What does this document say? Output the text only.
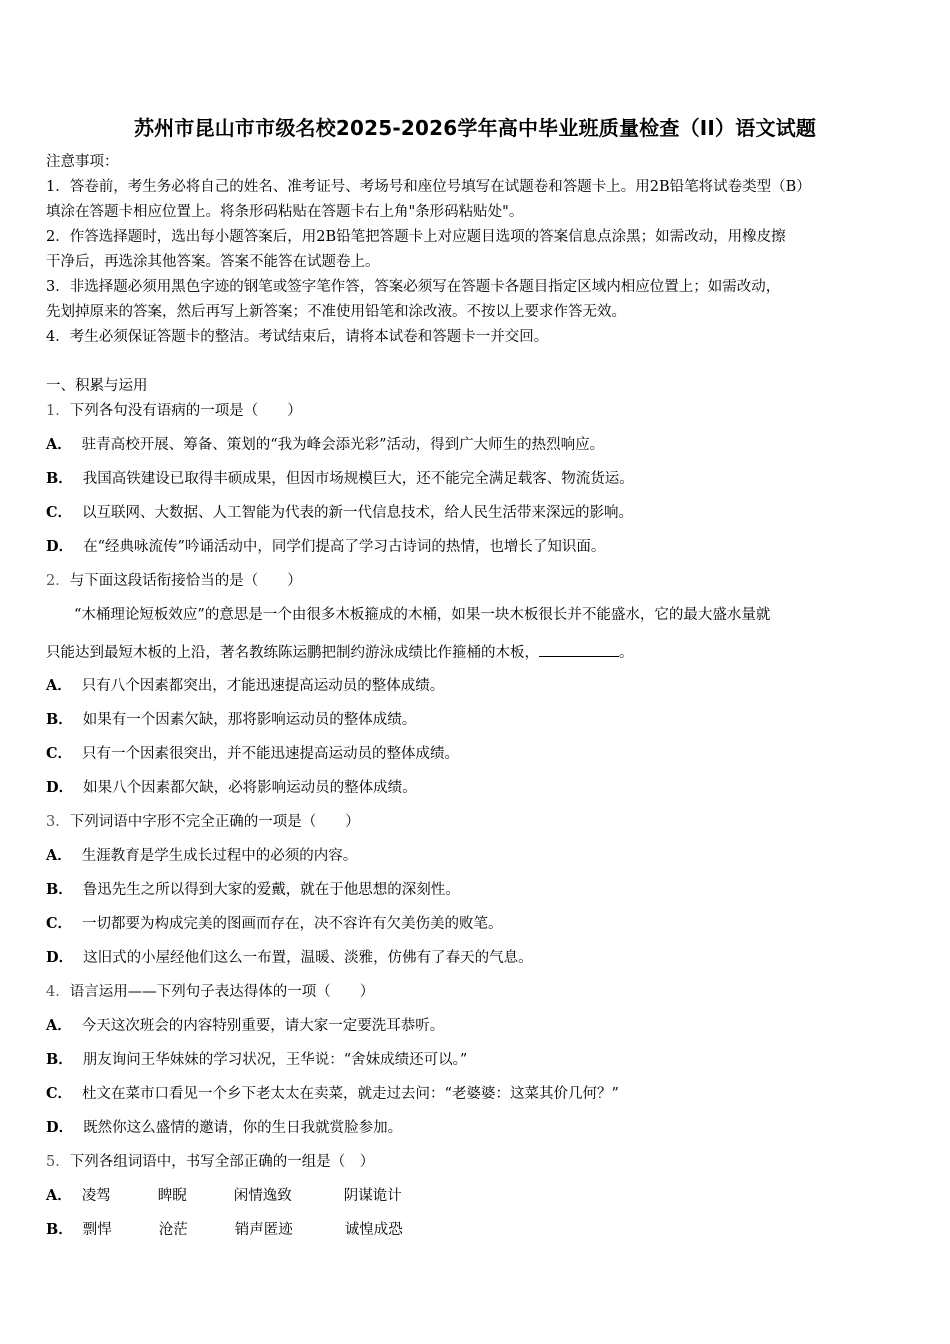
苏州市昆山市市级名校2025-2026学年高中毕业班质量检查（II）语文试题
注意事项：
1．答卷前，考生务必将自己的姓名、准考证号、考场号和座位号填写在试题卷和答题卡上。用2B铅笔将试卷类型（B）
填涂在答题卡相应位置上。将条形码粘贴在答题卡右上角"条形码粘贴处"。
2．作答选择题时，选出每小题答案后，用2B铅笔把答题卡上对应题目选项的答案信息点涂黑；如需改动，用橡皮擦
干净后，再选涂其他答案。答案不能答在试题卷上。
3．非选择题必须用黑色字迹的钢笔或签字笔作答，答案必须写在答题卡各题目指定区域内相应位置上；如需改动，
先划掉原来的答案，然后再写上新答案；不准使用铅笔和涂改液。不按以上要求作答无效。
4．考生必须保证答题卡的整洁。考试结束后，请将本试卷和答题卡一并交回。
一、积累与运用
1．下列各句没有语病的一项是（　　）
A． 驻青高校开展、筹备、策划的“我为峰会添光彩”活动，得到广大师生的热烈响应。
B． 我国高铁建设已取得丰硕成果，但因市场规模巨大，还不能完全满足载客、物流货运。
C． 以互联网、大数据、人工智能为代表的新一代信息技术，给人民生活带来深远的影响。
D． 在“经典咏流传”吟诵活动中，同学们提高了学习古诗词的热情，也增长了知识面。
2．与下面这段话衔接恰当的是（　　）
“木桶理论短板效应”的意思是一个由很多木板箍成的木桶，如果一块木板很长并不能盛水，它的最大盛水量就
只能达到最短木板的上沿，著名教练陈运鹏把制约游泳成绩比作箍桶的木板，	。
A． 只有八个因素都突出，才能迅速提高运动员的整体成绩。
B． 如果有一个因素欠缺，那将影响运动员的整体成绩。
C． 只有一个因素很突出，并不能迅速提高运动员的整体成绩。
D． 如果八个因素都欠缺，必将影响运动员的整体成绩。
3．下列词语中字形不完全正确的一项是（　　）
A． 生涯教育是学生成长过程中的必须的内容。
B． 鲁迅先生之所以得到大家的爱戴，就在于他思想的深刻性。
C． 一切都要为构成完美的图画而存在，决不容许有欠美伤美的败笔。
D． 这旧式的小屋经他们这么一布置，温暖、淡雅，仿佛有了春天的气息。
4．语言运用——下列句子表达得体的一项（　　）
A． 今天这次班会的内容特别重要，请大家一定要洗耳恭听。
B． 朋友询问王华妹妹的学习状况，王华说：“舍妹成绩还可以。”
C． 杜文在菜市口看见一个乡下老太太在卖菜，就走过去问：“老婆婆：这菜其价几何？”
D． 既然你这么盛情的邀请，你的生日我就赏脸参加。
5．下列各组词语中，书写全部正确的一组是（　）
A． 凌驾	睥睨	闲情逸致	阴谋诡计
B． 剽悍	沧茫	销声匿迹	诚惶成恐
